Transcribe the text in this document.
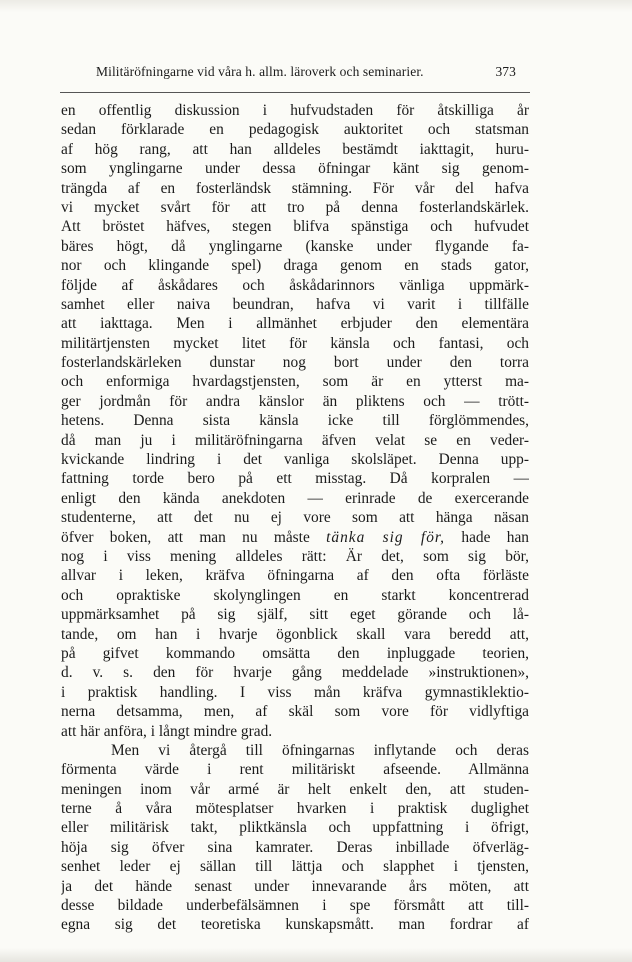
Militäröfningarne vid våra h. allm. läroverk och seminarier.	373
en offentlig diskussion i hufvudstaden för åtskilliga år
sedan förklarade en pedagogisk auktoritet och statsman
af hög rang, att han alldeles bestämdt iakttagit, huru-
som ynglingarne under dessa öfningar känt sig genom-
trängda af en fosterländsk stämning. För vår del hafva
vi mycket svårt för att tro på denna fosterlandskärlek.
Att bröstet häfves, stegen blifva spänstiga och hufvudet
bäres högt, då ynglingarne (kanske under flygande fa-
nor och klingande spel) draga genom en stads gator,
följde af åskådares och åskådarinnors vänliga uppmärk-
samhet eller naiva beundran, hafva vi varit i tillfälle
att iakttaga. Men i allmänhet erbjuder den elementära
militärtjensten mycket litet för känsla och fantasi, och
fosterlandskärleken dunstar nog bort under den torra
och enformiga hvardagstjensten, som är en ytterst ma-
ger jordmån för andra känslor än pliktens och — trött-
hetens. Denna sista känsla icke till förglömmendes,
då man ju i militäröfningarna äfven velat se en veder-
kvickande lindring i det vanliga skolsläpet. Denna upp-
fattning torde bero på ett misstag. Då korpralen —
enligt den kända anekdoten — erinrade de exercerande
studenterne, att det nu ej vore som att hänga näsan
öfver boken, att man nu måste tänka sig för, hade han
nog i viss mening alldeles rätt: Är det, som sig bör,
allvar i leken, kräfva öfningarna af den ofta förläste
och opraktiske skolynglingen en starkt koncentrerad
uppmärksamhet på sig själf, sitt eget görande och lå-
tande, om han i hvarje ögonblick skall vara beredd att,
på gifvet kommando omsätta den inpluggade teorien,
d. v. s. den för hvarje gång meddelade »instruktionen»,
i praktisk handling. I viss mån kräfva gymnastiklektio-
nerna detsamma, men, af skäl som vore för vidlyftiga
att här anföra, i långt mindre grad.
Men vi återgå till öfningarnas inflytande och deras
förmenta värde i rent militäriskt afseende. Allmänna
meningen inom vår armé är helt enkelt den, att studen-
terne å våra mötesplatser hvarken i praktisk duglighet
eller militärisk takt, pliktkänsla och uppfattning i öfrigt,
höja sig öfver sina kamrater. Deras inbillade öfverläg-
senhet leder ej sällan till lättja och slapphet i tjensten,
ja det hände senast under innevarande års möten, att
desse bildade underbefälsämnen i spe försmått att till-
egna sig det teoretiska kunskapsmått. man fordrar af
